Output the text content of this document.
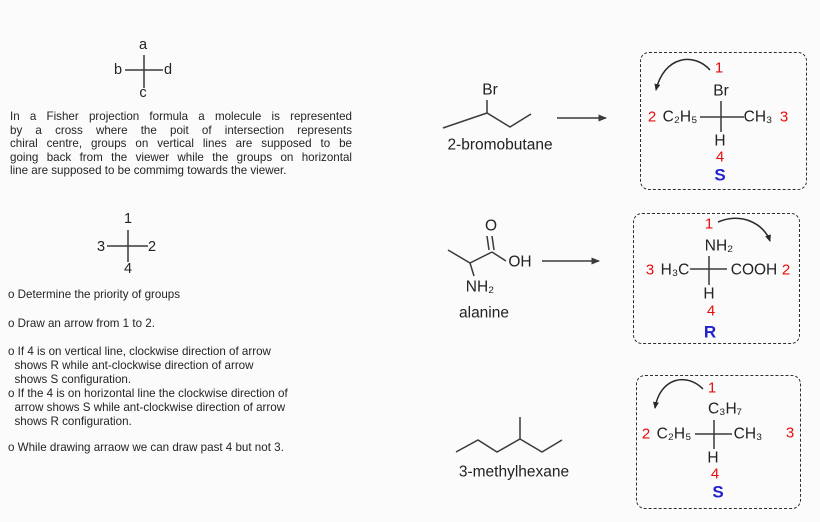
a
b	d
c
In a Fisher projection formula a molecule is represented
by a cross where the poit of intersection represents
chiral centre, groups on vertical lines are supposed to be
going back from the viewer while the groups on horizontal
line are supposed to be commimg towards the viewer.
1
3	2
4
o Determine the priority of groups
o Draw an arrow from 1 to 2.
o If 4 is on vertical line, clockwise direction of arrow
shows R while ant-clockwise direction of arrow
shows S configuration.
o If the 4 is on horizontal line the clockwise direction of
arrow shows S while ant-clockwise direction of arrow
shows R configuration.
o While drawing arraow we can draw past 4 but not 3.
Br
2-bromobutane
1
Br
2 C₂H₅	CH₃ 3
H
4
S
O
OH
NH₂
alanine
1
NH₂
3 H₃C	COOH 2
H
4
R
3-methylhexane
1
C₃H₇
2 C₂H₅	CH₃ 3
H
4
S
